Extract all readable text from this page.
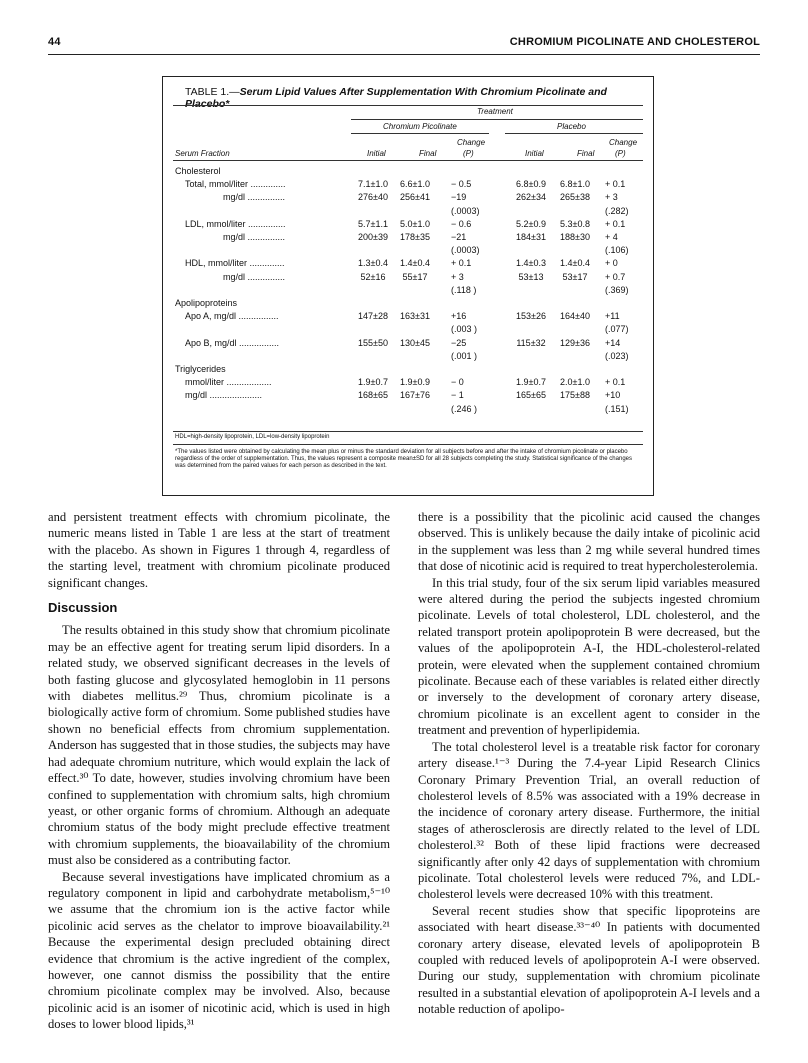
44	CHROMIUM PICOLINATE AND CHOLESTEROL
TABLE 1.—Serum Lipid Values After Supplementation With Chromium Picolinate and Placebo*
Treatment
Chromium Picolinate	Placebo
Change	Change
Serum Fraction	Initial	Final	(P)	Initial	Final	(P)
Cholesterol
Total, mmol/liter ..............	7.1±1.0	6.6±1.0	− 0.5	6.8±0.9	6.8±1.0	+ 0.1
mg/dl ...............	276±40	256±41	−19	262±34	265±38	+ 3
(.0003)	(.282)
LDL, mmol/liter ...............	5.7±1.1	5.0±1.0	− 0.6	5.2±0.9	5.3±0.8	+ 0.1
mg/dl ...............	200±39	178±35	−21	184±31	188±30	+ 4
(.0003)	(.106)
HDL, mmol/liter ..............	1.3±0.4	1.4±0.4	+ 0.1	1.4±0.3	1.4±0.4	+ 0
mg/dl ...............	52±16	55±17	+ 3	53±13	53±17	+ 0.7
(.118 )	(.369)
Apolipoproteins
Apo A, mg/dl ................	147±28	163±31	+16	153±26	164±40	+11
(.003 )	(.077)
Apo B, mg/dl ................	155±50	130±45	−25	115±32	129±36	+14
(.001 )	(.023)
Triglycerides
mmol/liter ..................	1.9±0.7	1.9±0.9	− 0	1.9±0.7	2.0±1.0	+ 0.1
mg/dl .....................	168±65	167±76	− 1	165±65	175±88	+10
(.246 )	(.151)
HDL=high-density lipoprotein, LDL=low-density lipoprotein
*The values listed were obtained by calculating the mean plus or minus the standard deviation for all subjects before and after the intake of chromium picolinate or placebo regardless of the order of supplementation. Thus, the values represent a composite mean±SD for all 28 subjects completing the study. Statistical significance of the changes was determined from the paired values for each person as described in the text.

and persistent treatment effects with chromium picolinate, the numeric means listed in Table 1 are less at the start of treatment with the placebo. As shown in Figures 1 through 4, regardless of the starting level, treatment with chromium picolinate produced significant changes.

Discussion

The results obtained in this study show that chromium picolinate may be an effective agent for treating serum lipid disorders. In a related study, we observed significant decreases in the levels of both fasting glucose and glycosylated hemoglobin in 11 persons with diabetes mellitus.²⁹ Thus, chromium picolinate is a biologically active form of chromium. Some published studies have shown no beneficial effects from chromium supplementation. Anderson has suggested that in those studies, the subjects may have had adequate chromium nutriture, which would explain the lack of effect.³⁰ To date, however, studies involving chromium have been confined to supplementation with chromium salts, high chromium yeast, or other organic forms of chromium. Although an adequate chromium status of the body might preclude effective treatment with chromium supplements, the bioavailability of the chromium must also be considered as a contributing factor.

Because several investigations have implicated chromium as a regulatory component in lipid and carbohydrate metabolism,⁵⁻¹⁰ we assume that the chromium ion is the active factor while picolinic acid serves as the chelator to improve bioavailability.²¹ Because the experimental design precluded obtaining direct evidence that chromium is the active ingredient of the complex, however, one cannot dismiss the possibility that the entire chromium picolinate complex may be involved. Also, because picolinic acid is an isomer of nicotinic acid, which is used in high doses to lower blood lipids,³¹

there is a possibility that the picolinic acid caused the changes observed. This is unlikely because the daily intake of picolinic acid in the supplement was less than 2 mg while several hundred times that dose of nicotinic acid is required to treat hypercholesterolemia.

In this trial study, four of the six serum lipid variables measured were altered during the period the subjects ingested chromium picolinate. Levels of total cholesterol, LDL cholesterol, and the related transport protein apolipoprotein B were decreased, but the values of the apolipoprotein A-I, the HDL-cholesterol-related protein, were elevated when the supplement contained chromium picolinate. Because each of these variables is related either directly or inversely to the development of coronary artery disease, chromium picolinate is an excellent agent to consider in the treatment and prevention of hyperlipidemia.

The total cholesterol level is a treatable risk factor for coronary artery disease.¹⁻³ During the 7.4-year Lipid Research Clinics Coronary Primary Prevention Trial, an overall reduction of cholesterol levels of 8.5% was associated with a 19% decrease in the incidence of coronary artery disease. Furthermore, the initial stages of atherosclerosis are directly related to the level of LDL cholesterol.³² Both of these lipid fractions were decreased significantly after only 42 days of supplementation with chromium picolinate. Total cholesterol levels were reduced 7%, and LDL-cholesterol levels were decreased 10% with this treatment.

Several recent studies show that specific lipoproteins are associated with heart disease.³³⁻⁴⁰ In patients with documented coronary artery disease, elevated levels of apolipoprotein B coupled with reduced levels of apolipoprotein A-I were observed. During our study, supplementation with chromium picolinate resulted in a substantial elevation of apolipoprotein A-I levels and a notable reduction of apolipo-
